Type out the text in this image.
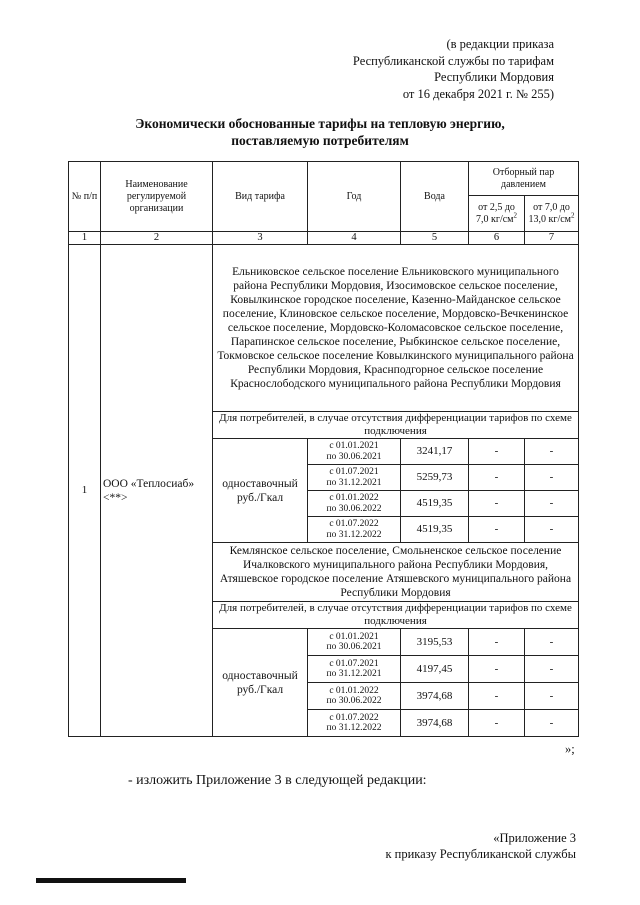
(в редакции приказа
Республиканской службы по тарифам
Республики Мордовия
от 16 декабря 2021 г. № 255)
Экономически обоснованные тарифы на тепловую энергию,
поставляемую потребителям
№ п/п	Наименование регулируемой организации	Вид тарифа	Год	Вода	Отборный пар давлением	
					от 2,5 до 7,0 $кг/см^2$	от 7,0 до 13,0 $кг/см^2$
1	2	3	4	5	6	7
1	ООО «Теплосиаб» <**>	Ельниковское сельское поселение Ельниковского муниципального района Республики Мордовия, Изосимовское сельское поселение, Ковылкинское городское поселение, Казенно-Майданское сельское поселение, Клиновское сельское поселение, Мордовско-Вечкенинское сельское поселение, Мордовско-Коломасовское сельское поселение, Парапинское сельское поселение, Рыбкинское сельское поселение, Токмовское сельское поселение Ковылкинского муниципального района Республики Мордовия, Краснподгорное сельское поселение Краснослободского муниципального района Республики Мордовия				
		Для потребителей, в случае отсутствия дифференциации тарифов по схеме подключения				
		одноставочный руб./Гкал	с 01.01.2021
по 30.06.2021	3241,17	-	-

			с 01.07.2021
по 31.12.2021	5259,73	-	-

			с 01.01.2022
по 30.06.2022	4519,35	-	-

			с 01.07.2022
по 31.12.2022	4519,35	-	-
		Кемлянское сельское поселение, Смольненское сельское поселение Ичалковского муниципального района Республики Мордовия, Атяшевское городское поселение Атяшевского муниципального района Республики Мордовия				
		Для потребителей, в случае отсутствия дифференциации тарифов по схеме подключения				
		одноставочный руб./Гкал	с 01.01.2021
по 30.06.2021	3195,53	-	-

			с 01.07.2021
по 31.12.2021	4197,45	-	-

			с 01.01.2022
по 30.06.2022	3974,68	-	-

			с 01.07.2022
по 31.12.2022	3974,68	-	-
»;
- изложить Приложение 3 в следующей редакции:
«Приложение 3
к приказу Республиканской службы
